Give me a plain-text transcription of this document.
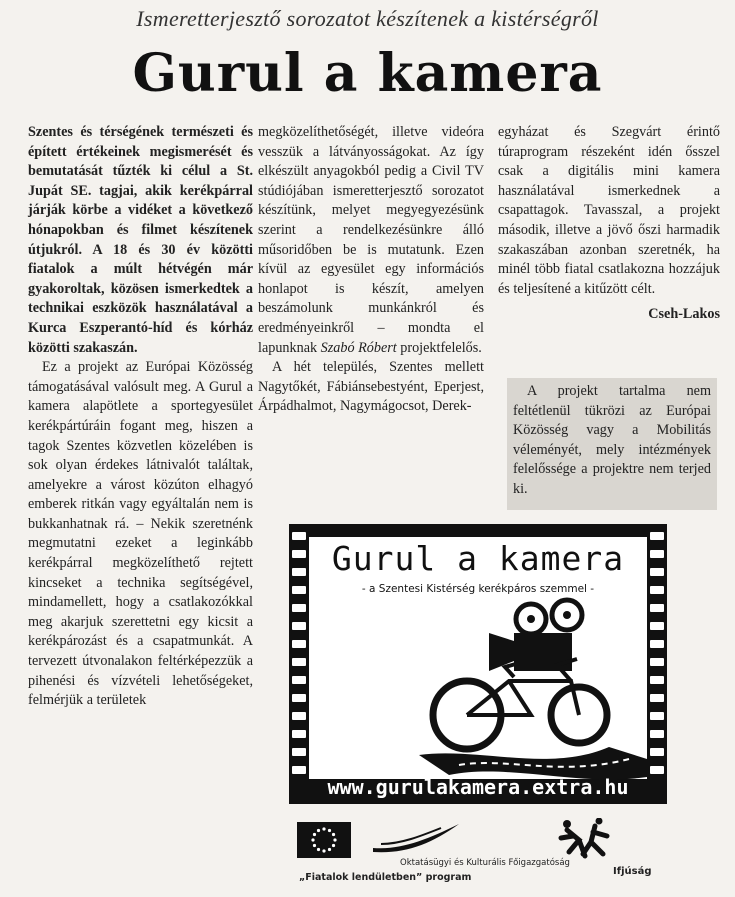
Ismeretterjesztő sorozatot készítenek a kistérségről
Gurul a kamera

Szentes és térségének természeti és épített értékeinek megismerését és bemutatását tűzték ki célul a St. Jupát SE. tagjai, akik kerékpárral járják körbe a vidéket a következő hónapokban és filmet készítenek útjukról. A 18 és 30 év közötti fiatalok a múlt hétvégén már gyakoroltak, közösen ismerkedtek a technikai eszközök használatával a Kurca Eszperantó-híd és kórház közötti szakaszán.

Ez a projekt az Európai Közösség támogatásával valósult meg. A Gurul a kamera alapötlete a sportegyesület kerékpártúráin fogant meg, hiszen a tagok Szentes közvetlen közelében is sok olyan érdekes látnivalót találtak, amelyekre a várost közúton elhagyó emberek ritkán vagy egyáltalán nem is bukkanhatnak rá. – Nekik szeretnénk megmutatni ezeket a leginkább kerékpárral megközelíthető rejtett kincseket a technika segítségével, mindamellett, hogy a csatlakozókkal meg akarjuk szerettetni egy kicsit a kerékpározást és a csapatmunkát. A tervezett útvonalakon feltérképezzük a pihenési és vízvételi lehetőségeket, felmérjük a területek

megközelíthetőségét, illetve videóra vesszük a látványosságokat. Az így elkészült anyagokból pedig a Civil TV stúdiójában ismeretterjesztő sorozatot készítünk, melyet megyegyezésünk szerint a rendelkezésünkre álló műsoridőben be is mutatunk. Ezen kívül az egyesület egy információs honlapot is készít, amelyen beszámolunk munkánkról és eredményeinkről – mondta el lapunknak Szabó Róbert projektfelelős.

A hét település, Szentes mellett Nagytőkét, Fábiánsebestyént, Eperjest, Árpádhalmot, Nagymágocsot, Derek-

egyházat és Szegvárt érintő túraprogram részeként idén ősszel csak a digitális mini kamera használatával ismerkednek a csapattagok. Tavasszal, a projekt második, illetve a jövő őszi harmadik szakaszában azonban szeretnék, ha minél több fiatal csatlakozna hozzájuk és teljesítené a kitűzött célt.

Cseh-Lakos

A projekt tartalma nem feltétlenül tükrözi az Európai Közösség vagy a Mobilitás véleményét, mely intézmények felelőssége a projektre nem terjed ki.

Gurul a kamera
- a Szentesi Kistérség kerékpáros szemmel -
www.gurulakamera.extra.hu
Oktatásügyi és Kulturális Főigazgatóság
„Fiatalok lendületben” program
Ifjúság
